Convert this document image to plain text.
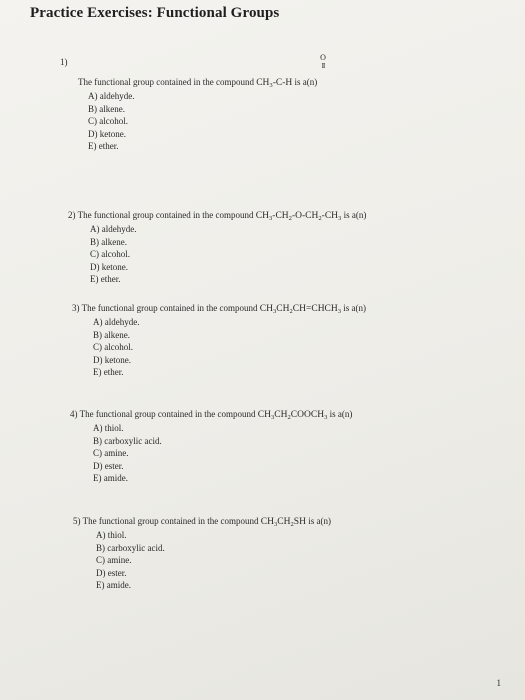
Practice Exercises: Functional Groups
1)	O
II
The functional group contained in the compound $CH_3-C-H$ is a(n)
A) aldehyde.
B) alkene.
C) alcohol.
D) ketone.
E) ether.
2) The functional group contained in the compound $CH_3-CH_2-O-CH_2-CH_3$ is a(n)
A) aldehyde.
B) alkene.
C) alcohol.
D) ketone.
E) ether.
3) The functional group contained in the compound $CH_3CH_2CH=CHCH_3$ is a(n)
A) aldehyde.
B) alkene.
C) alcohol.
D) ketone.
E) ether.
4) The functional group contained in the compound $CH_3CH_2COOCH_3$ is a(n)
A) thiol.
B) carboxylic acid.
C) amine.
D) ester.
E) amide.
5) The functional group contained in the compound $CH_3CH_2SH$ is a(n)
A) thiol.
B) carboxylic acid.
C) amine.
D) ester.
E) amide.
1
